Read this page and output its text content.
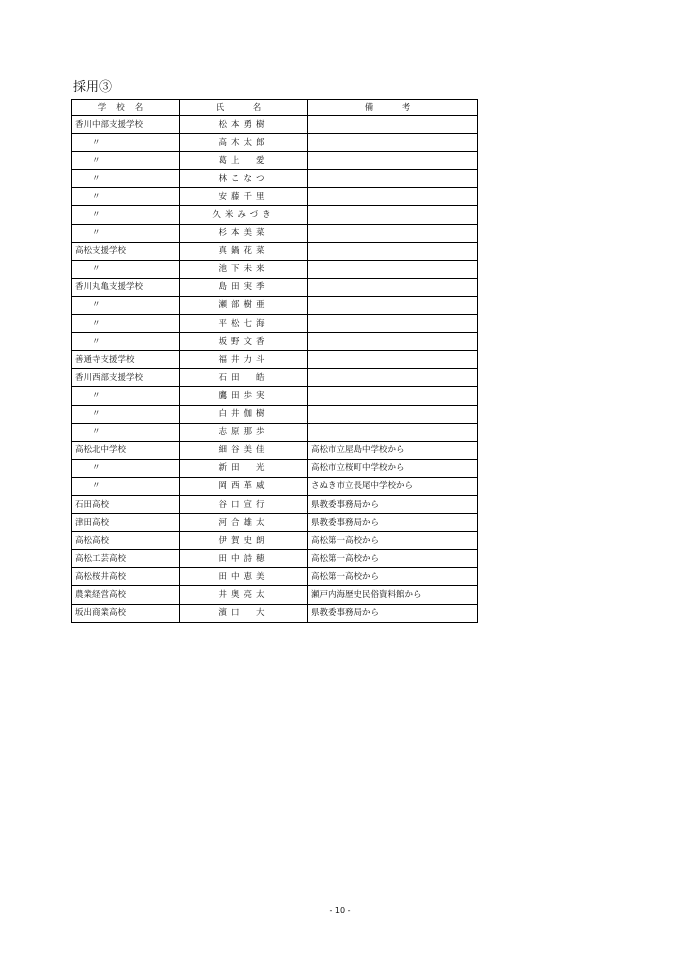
採用③
学校名	氏　名	備　考
香川中部支援学校	松本勇樹	
〃	高木太郎	
〃	葛上　愛	
〃	林こなつ	
〃	安藤千里	
〃	久米みづき	
〃	杉本美菜	
高松支援学校	真鍋花菜	
〃	池下未来	
香川丸亀支援学校	島田実季	
〃	瀬部樹亜	
〃	平松七海	
〃	坂野文香	
善通寺支援学校	福井力斗	
香川西部支援学校	石田　皓	
〃	鷹田歩実	
〃	白井伽樹	
〃	志原那歩	
高松北中学校	細谷美佳	高松市立屋島中学校から
〃	新田　光	高松市立桜町中学校から
〃	岡西革威	さぬき市立長尾中学校から
石田高校	谷口宣行	県教委事務局から
津田高校	河合雄太	県教委事務局から
高松高校	伊賀史朗	高松第一高校から
高松工芸高校	田中詩穂	高松第一高校から
高松桜井高校	田中恵美	高松第一高校から
農業経営高校	井奥亮太	瀬戸内海歴史民俗資料館から
坂出商業高校	濱口　大	県教委事務局から
- 10 -
